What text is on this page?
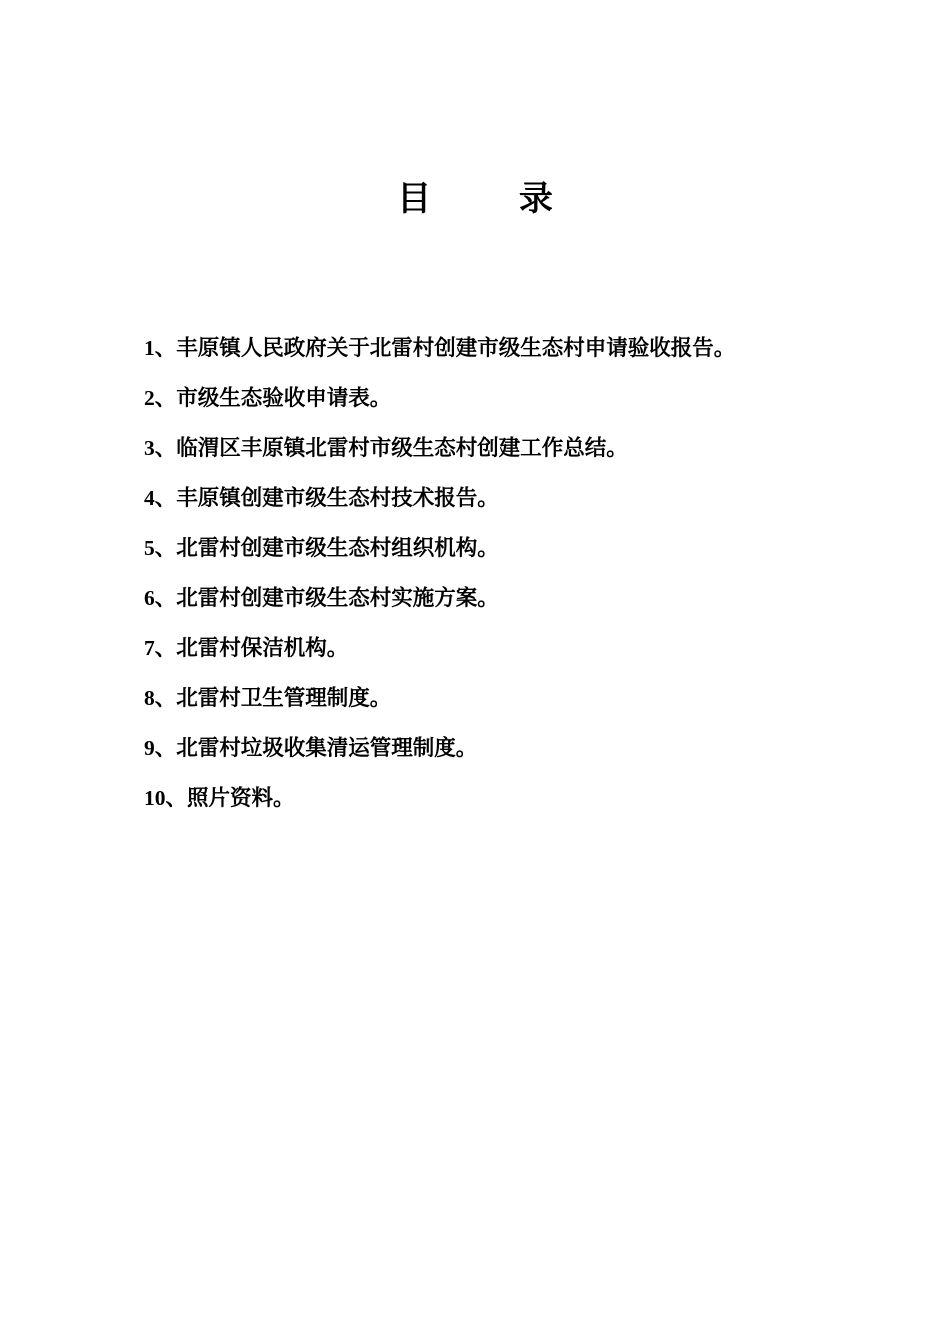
目 录
1、丰原镇人民政府关于北雷村创建市级生态村申请验收报告。
2、市级生态验收申请表。
3、临渭区丰原镇北雷村市级生态村创建工作总结。
4、丰原镇创建市级生态村技术报告。
5、北雷村创建市级生态村组织机构。
6、北雷村创建市级生态村实施方案。
7、北雷村保洁机构。
8、北雷村卫生管理制度。
9、北雷村垃圾收集清运管理制度。
10、照片资料。
